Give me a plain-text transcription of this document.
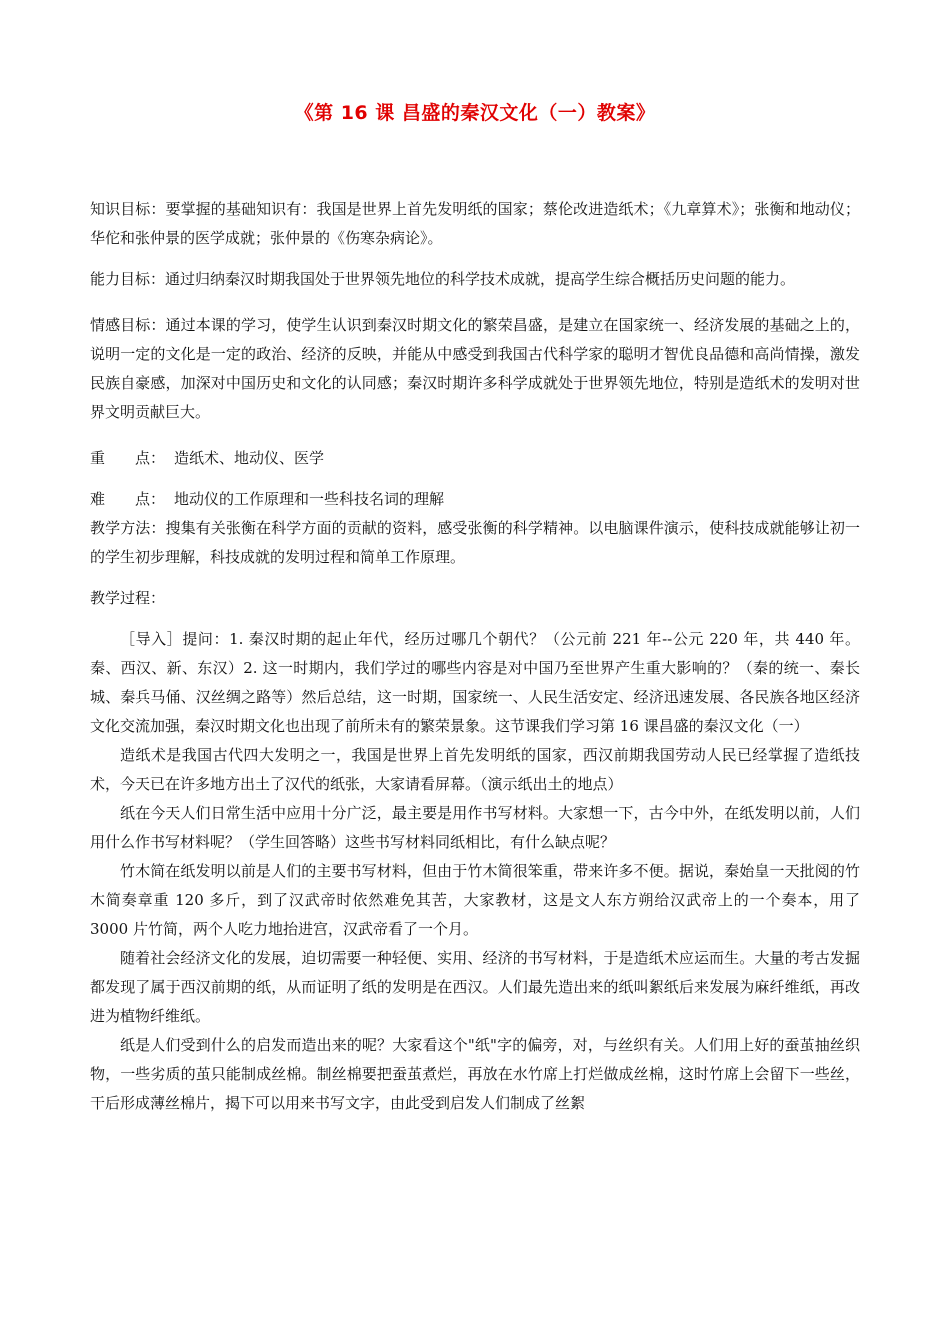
《第 16 课 昌盛的秦汉文化（一）教案》

知识目标：要掌握的基础知识有：我国是世界上首先发明纸的国家；蔡伦改进造纸术；《九章算术》；张衡和地动仪；华佗和张仲景的医学成就；张仲景的《伤寒杂病论》。

能力目标：通过归纳秦汉时期我国处于世界领先地位的科学技术成就，提高学生综合概括历史问题的能力。

情感目标：通过本课的学习，使学生认识到秦汉时期文化的繁荣昌盛，是建立在国家统一、经济发展的基础之上的，说明一定的文化是一定的政治、经济的反映，并能从中感受到我国古代科学家的聪明才智优良品德和高尚情操，激发民族自豪感，加深对中国历史和文化的认同感；秦汉时期许多科学成就处于世界领先地位，特别是造纸术的发明对世界文明贡献巨大。

重　　点： 造纸术、地动仪、医学

难　　点： 地动仪的工作原理和一些科技名词的理解

教学方法：搜集有关张衡在科学方面的贡献的资料，感受张衡的科学精神。以电脑课件演示，使科技成就能够让初一的学生初步理解，科技成就的发明过程和简单工作原理。

教学过程：

［导入］提问：1. 秦汉时期的起止年代，经历过哪几个朝代？（公元前 221 年--公元 220 年，共 440 年。秦、西汉、新、东汉）2. 这一时期内，我们学过的哪些内容是对中国乃至世界产生重大影响的？（秦的统一、秦长城、秦兵马俑、汉丝绸之路等）然后总结，这一时期，国家统一、人民生活安定、经济迅速发展、各民族各地区经济文化交流加强，秦汉时期文化也出现了前所未有的繁荣景象。这节课我们学习第 16 课昌盛的秦汉文化（一）

造纸术是我国古代四大发明之一，我国是世界上首先发明纸的国家，西汉前期我国劳动人民已经掌握了造纸技术，今天已在许多地方出土了汉代的纸张，大家请看屏幕。（演示纸出土的地点）

纸在今天人们日常生活中应用十分广泛，最主要是用作书写材料。大家想一下，古今中外，在纸发明以前，人们用什么作书写材料呢？（学生回答略）这些书写材料同纸相比，有什么缺点呢？

竹木简在纸发明以前是人们的主要书写材料，但由于竹木简很笨重，带来许多不便。据说，秦始皇一天批阅的竹木简奏章重 120 多斤，到了汉武帝时依然难免其苦，大家教材，这是文人东方朔给汉武帝上的一个奏本，用了 3000 片竹简，两个人吃力地抬进宫，汉武帝看了一个月。

随着社会经济文化的发展，迫切需要一种轻便、实用、经济的书写材料，于是造纸术应运而生。大量的考古发掘都发现了属于西汉前期的纸，从而证明了纸的发明是在西汉。人们最先造出来的纸叫絮纸后来发展为麻纤维纸，再改进为植物纤维纸。

纸是人们受到什么的启发而造出来的呢？大家看这个"纸"字的偏旁，对，与丝织有关。人们用上好的蚕茧抽丝织物，一些劣质的茧只能制成丝棉。制丝棉要把蚕茧煮烂，再放在水竹席上打烂做成丝棉，这时竹席上会留下一些丝，干后形成薄丝棉片，揭下可以用来书写文字，由此受到启发人们制成了丝絮
